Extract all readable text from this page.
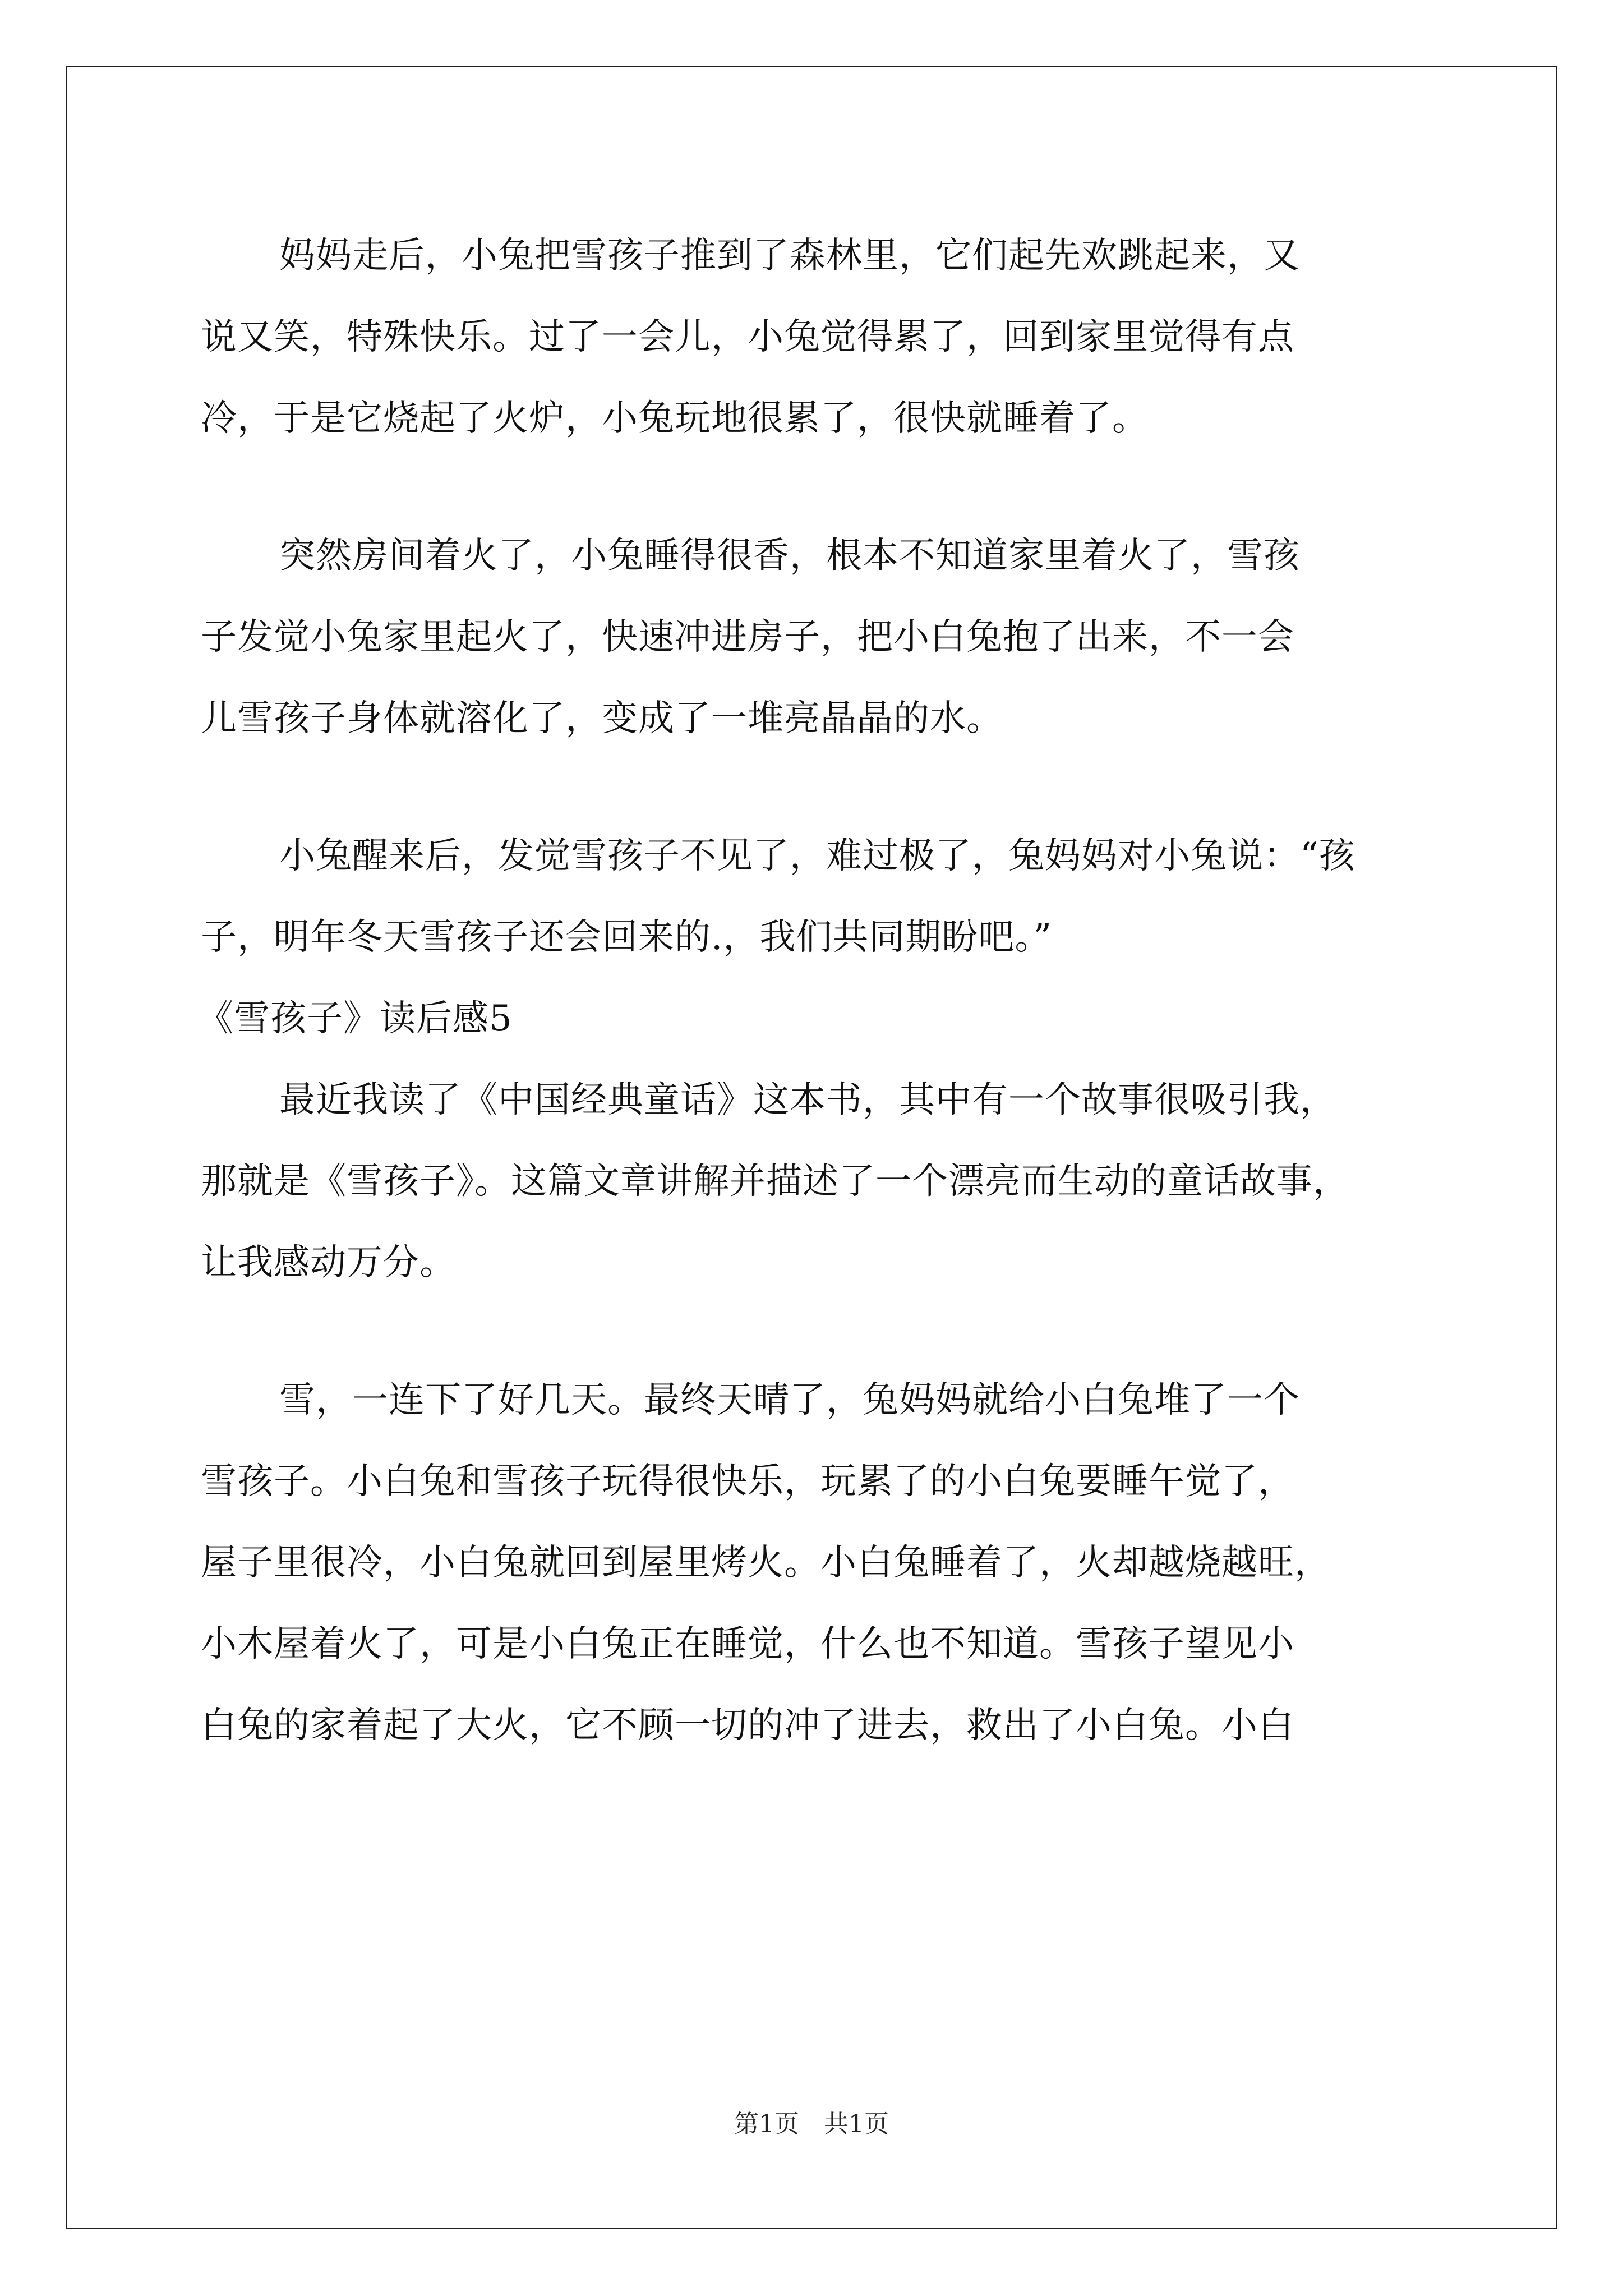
妈妈走后，小兔把雪孩子推到了森林里，它们起先欢跳起来，又
说又笑，特殊快乐。过了一会儿，小兔觉得累了，回到家里觉得有点
冷，于是它烧起了火炉，小兔玩地很累了，很快就睡着了。
突然房间着火了，小兔睡得很香，根本不知道家里着火了，雪孩
子发觉小兔家里起火了，快速冲进房子，把小白兔抱了出来，不一会
儿雪孩子身体就溶化了，变成了一堆亮晶晶的水。
小兔醒来后，发觉雪孩子不见了，难过极了，兔妈妈对小兔说：“孩
子，明年冬天雪孩子还会回来的.，我们共同期盼吧。”
《雪孩子》读后感5
最近我读了《中国经典童话》这本书，其中有一个故事很吸引我，
那就是《雪孩子》。这篇文章讲解并描述了一个漂亮而生动的童话故事，
让我感动万分。
雪，一连下了好几天。最终天晴了，兔妈妈就给小白兔堆了一个
雪孩子。小白兔和雪孩子玩得很快乐，玩累了的小白兔要睡午觉了，
屋子里很冷，小白兔就回到屋里烤火。小白兔睡着了，火却越烧越旺，
小木屋着火了，可是小白兔正在睡觉，什么也不知道。雪孩子望见小
白兔的家着起了大火，它不顾一切的冲了进去，救出了小白兔。小白
第1页　共1页
